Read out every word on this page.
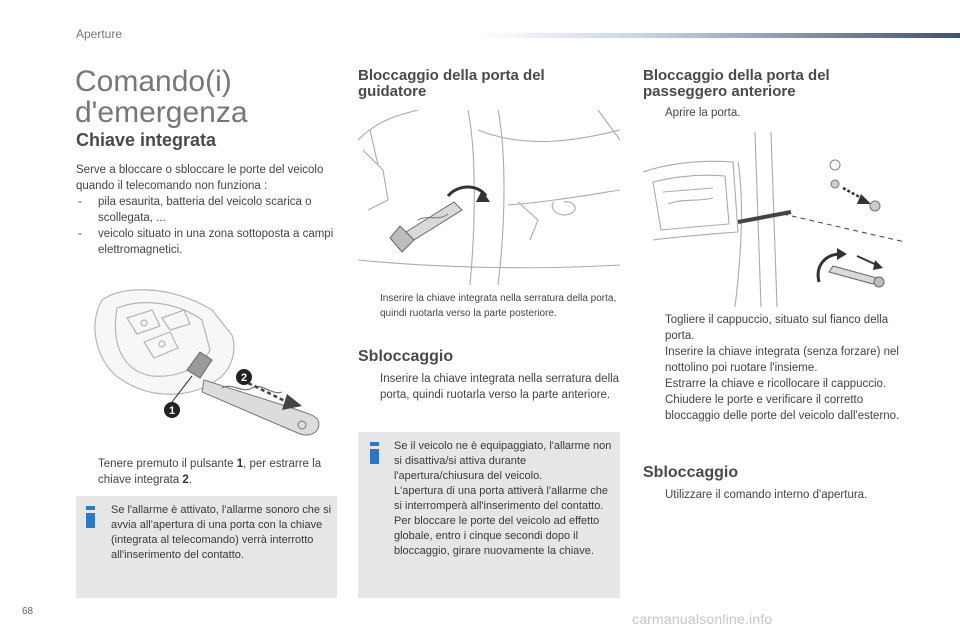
Aperture
Comando(i)
d'emergenza
Chiave integrata

Serve a bloccare o sbloccare le porte del veicolo quando il telecomando non funziona :

- pila esaurita, batteria del veicolo scarica o scollegata, ...
- veicolo situato in una zona sottoposta a campi elettromagnetici.
1
2
Tenere premuto il pulsante 1, per estrarre la chiave integrata 2.
Se l'allarme è attivato, l'allarme sonoro che si avvia all'apertura di una porta con la chiave (integrata al telecomando) verrà interrotto all'inserimento del contatto.
Bloccaggio della porta del
guidatore
Inserire la chiave integrata nella serratura della porta, quindi ruotarla verso la parte posteriore.
Sbloccaggio
Inserire la chiave integrata nella serratura della porta, quindi ruotarla verso la parte anteriore.
Se il veicolo ne è equipaggiato, l'allarme non si disattiva/si attiva durante l'apertura/chiusura del veicolo.
L'apertura di una porta attiverà l'allarme che si interromperà all'inserimento del contatto.
Per bloccare le porte del veicolo ad effetto globale, entro i cinque secondi dopo il bloccaggio, girare nuovamente la chiave.
Bloccaggio della porta del
passeggero anteriore
Aprire la porta.
Togliere il cappuccio, situato sul fianco della porta.
Inserire la chiave integrata (senza forzare) nel nottolino poi ruotare l'insieme.
Estrarre la chiave e ricollocare il cappuccio.
Chiudere le porte e verificare il corretto bloccaggio delle porte del veicolo dall'esterno.
Sbloccaggio
Utilizzare il comando interno d'apertura.
68	carmanualsonline.info
